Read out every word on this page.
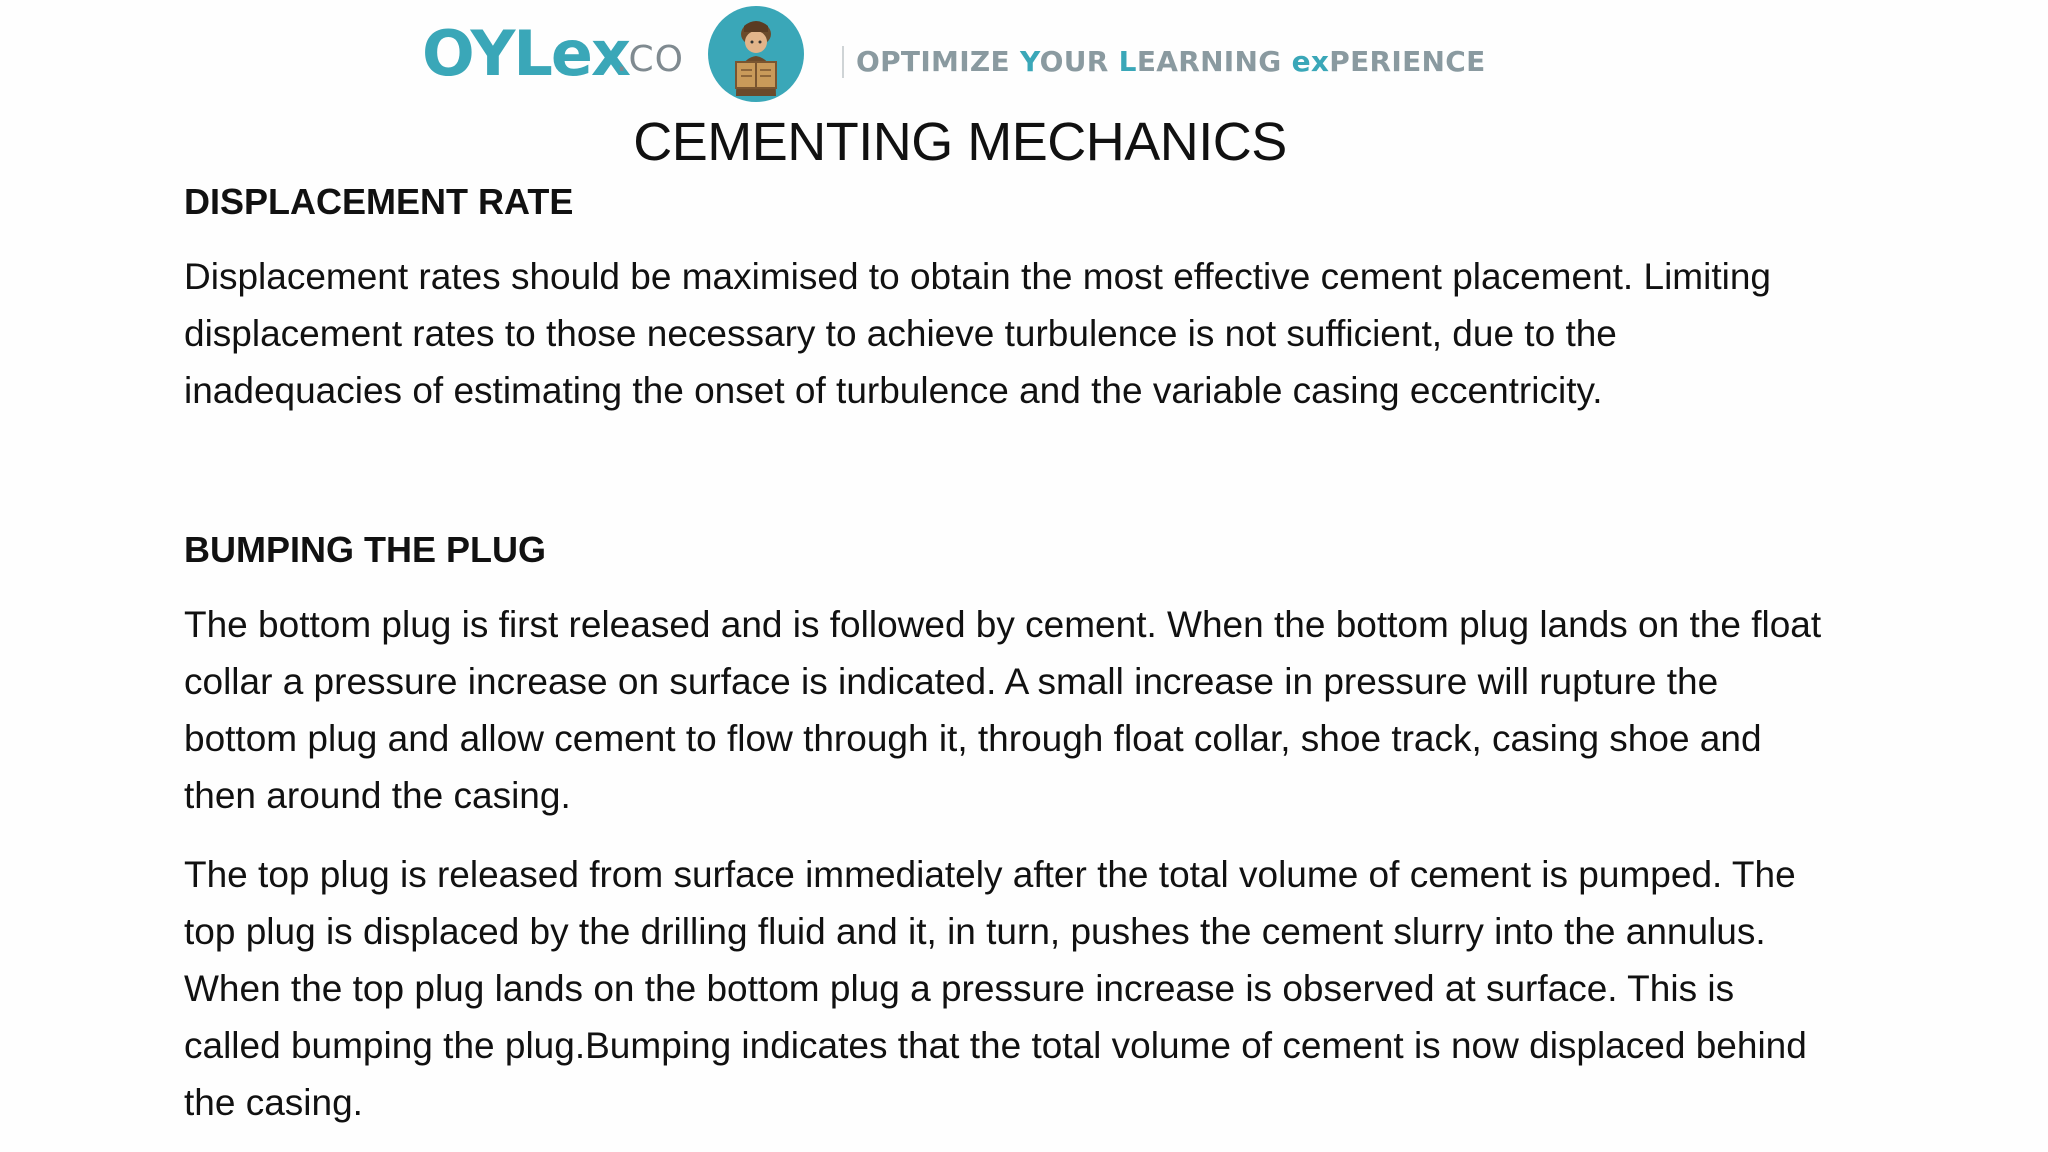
OYLex
.CO	OPTIMIZE YOUR LEARNING exPERIENCE
CEMENTING MECHANICS
DISPLACEMENT RATE

Displacement rates should be maximised to obtain the most effective cement placement. Limiting displacement rates to those necessary to achieve turbulence is not sufficient, due to the inadequacies of estimating the onset of turbulence and the variable casing eccentricity.

BUMPING THE PLUG

The bottom plug is first released and is followed by cement. When the bottom plug lands on the float collar a pressure increase on surface is indicated. A small increase in pressure will rupture the bottom plug and allow cement to flow through it, through float collar, shoe track, casing shoe and then around the casing.

The top plug is released from surface immediately after the total volume of cement is pumped. The top plug is displaced by the drilling fluid and it, in turn, pushes the cement slurry into the annulus. When the top plug lands on the bottom plug a pressure increase is observed at surface. This is called bumping the plug.Bumping indicates that the total volume of cement is now displaced behind the casing.
